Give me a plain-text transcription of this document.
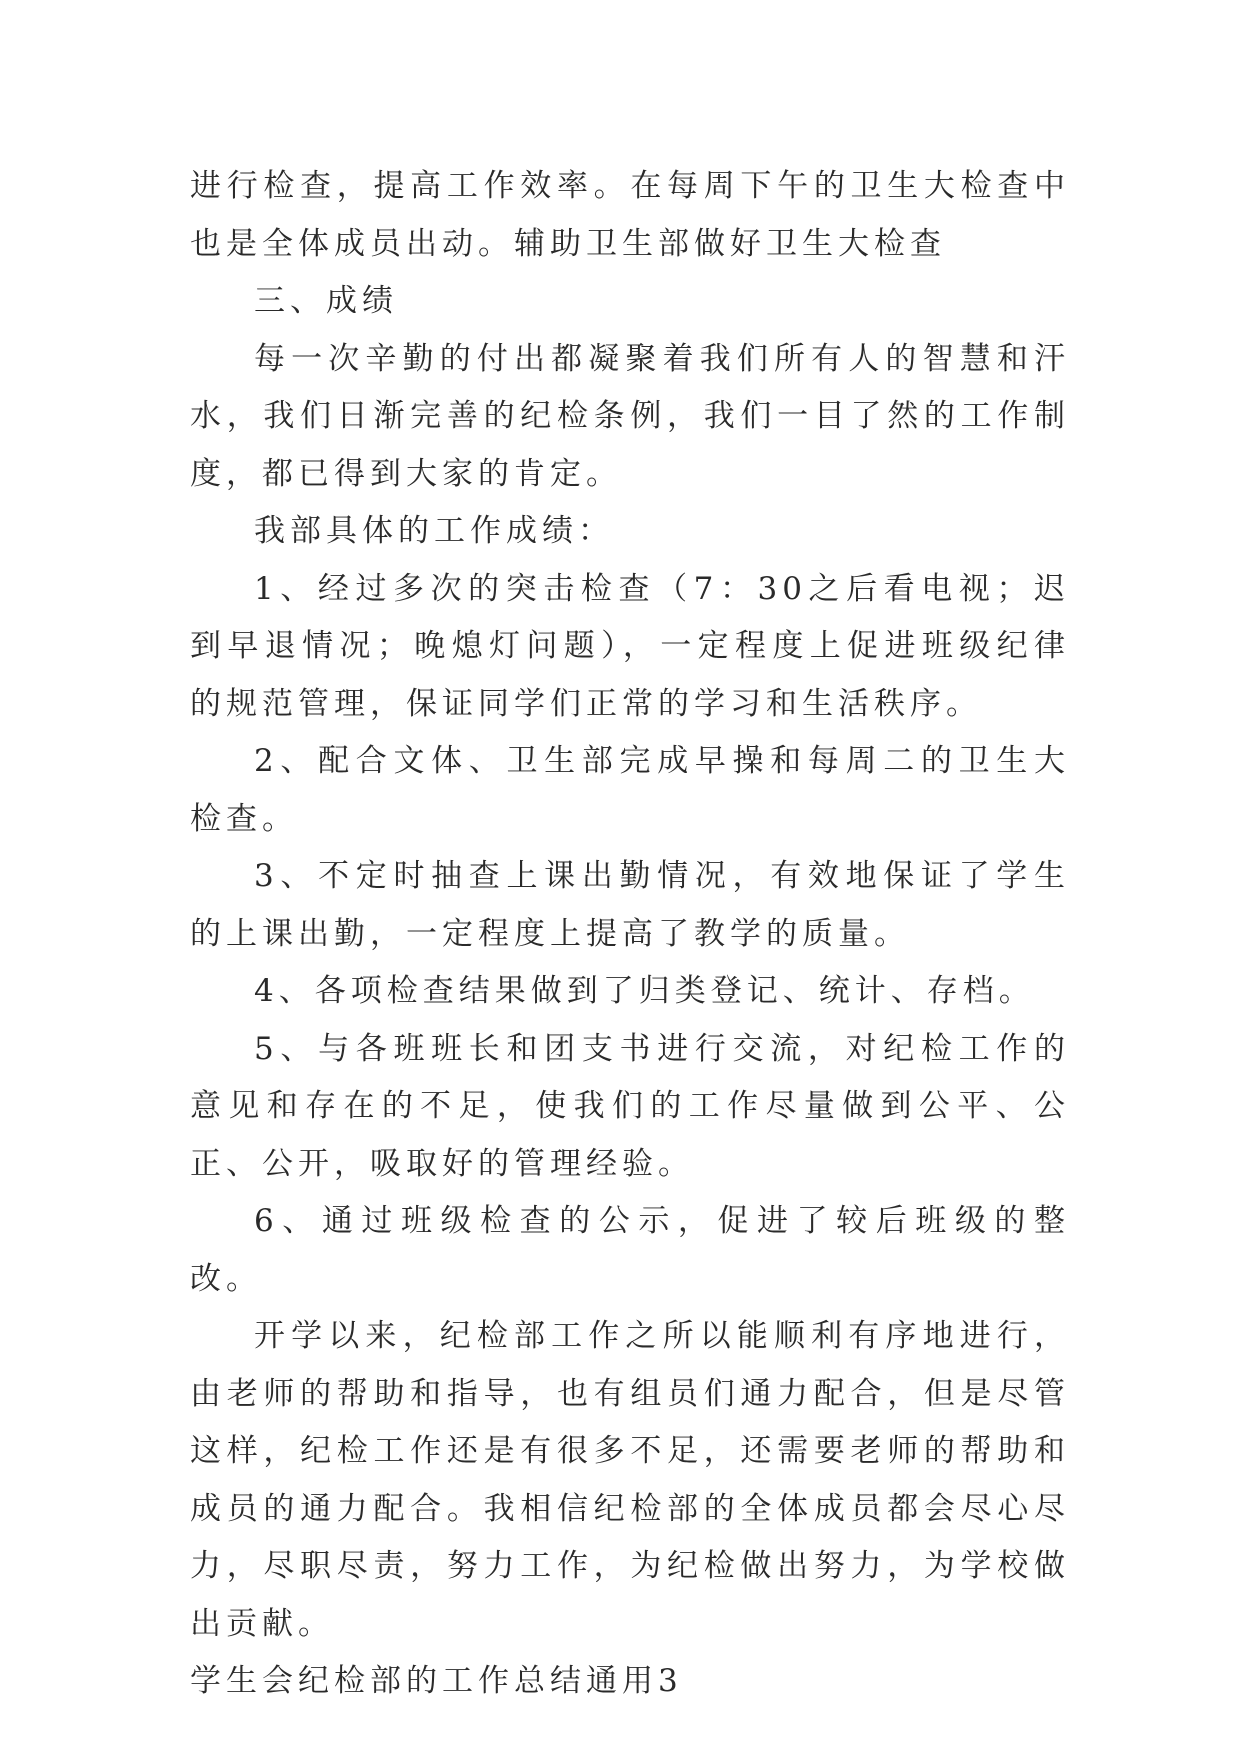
进行检查，提高工作效率。在每周下午的卫生大检查中也是全体成员出动。辅助卫生部做好卫生大检查

三、成绩

每一次辛勤的付出都凝聚着我们所有人的智慧和汗水，我们日渐完善的纪检条例，我们一目了然的工作制度，都已得到大家的肯定。

我部具体的工作成绩：

1、经过多次的突击检查（7：30之后看电视；迟到早退情况；晚熄灯问题），一定程度上促进班级纪律的规范管理，保证同学们正常的学习和生活秩序。

2、配合文体、卫生部完成早操和每周二的卫生大检查。

3、不定时抽查上课出勤情况，有效地保证了学生的上课出勤，一定程度上提高了教学的质量。

4、各项检查结果做到了归类登记、统计、存档。

5、与各班班长和团支书进行交流，对纪检工作的意见和存在的不足，使我们的工作尽量做到公平、公正、公开，吸取好的管理经验。

6、通过班级检查的公示，促进了较后班级的整改。

开学以来，纪检部工作之所以能顺利有序地进行，由老师的帮助和指导，也有组员们通力配合，但是尽管这样，纪检工作还是有很多不足，还需要老师的帮助和成员的通力配合。我相信纪检部的全体成员都会尽心尽力，尽职尽责，努力工作，为纪检做出努力，为学校做出贡献。

学生会纪检部的工作总结通用3
